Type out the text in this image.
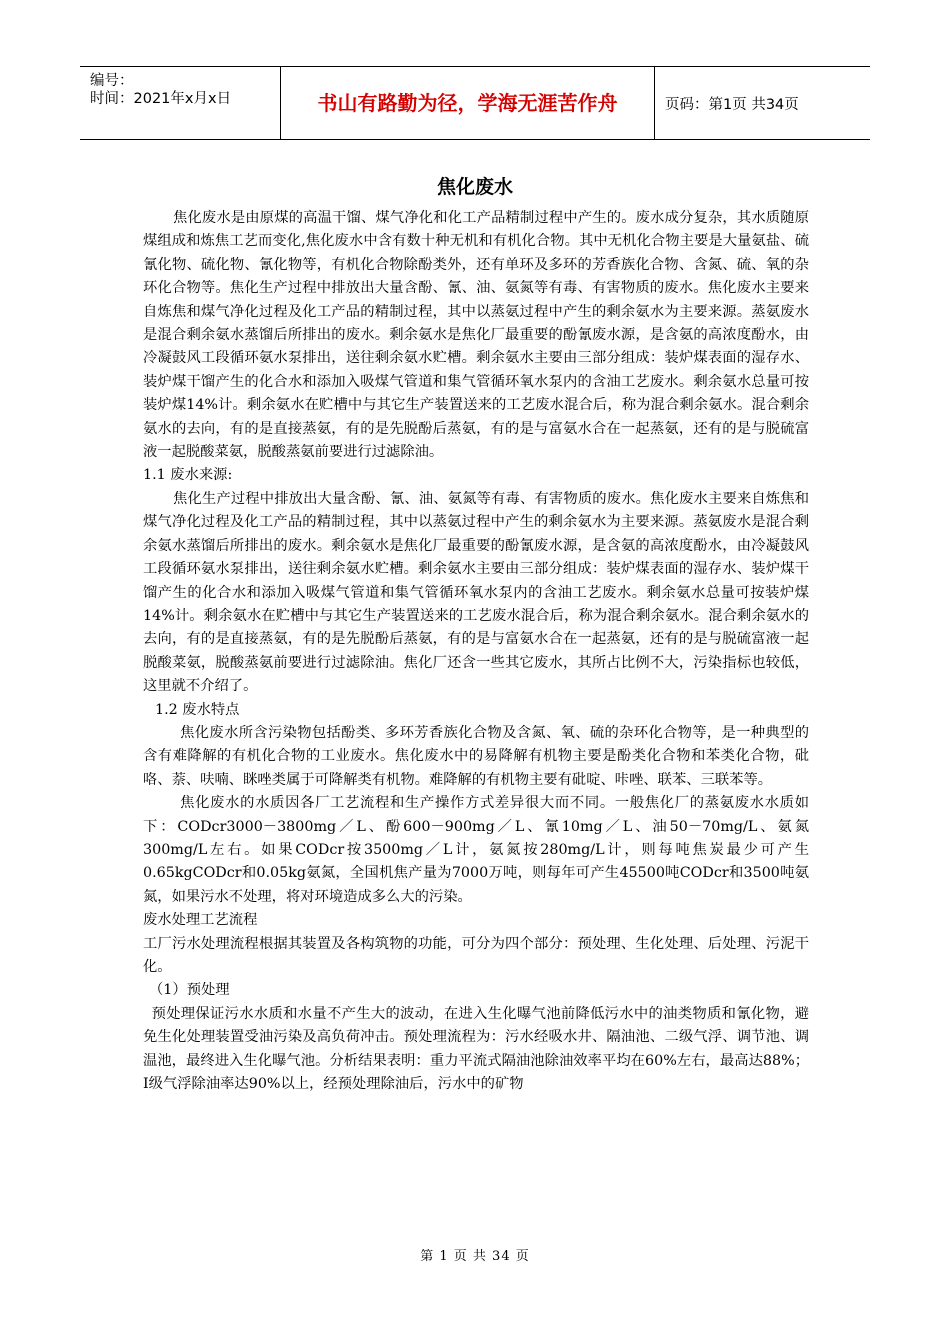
编号：
时间：2021年x月x日	书山有路勤为径，学海无涯苦作舟	页码：第1页 共34页
焦化废水

焦化废水是由原煤的高温干馏、煤气净化和化工产品精制过程中产生的。废水成分复杂，其水质随原煤组成和炼焦工艺而变化,焦化废水中含有数十种无机和有机化合物。其中无机化合物主要是大量氨盐、硫氰化物、硫化物、氰化物等，有机化合物除酚类外，还有单环及多环的芳香族化合物、含氮、硫、氧的杂环化合物等。焦化生产过程中排放出大量含酚、氰、油、氨氮等有毒、有害物质的废水。焦化废水主要来自炼焦和煤气净化过程及化工产品的精制过程，其中以蒸氨过程中产生的剩余氨水为主要来源。蒸氨废水是混合剩余氨水蒸馏后所排出的废水。剩余氨水是焦化厂最重要的酚氰废水源，是含氨的高浓度酚水，由冷凝鼓风工段循环氨水泵排出，送往剩余氨水贮槽。剩余氨水主要由三部分组成：装炉煤表面的湿存水、装炉煤干馏产生的化合水和添加入吸煤气管道和集气管循环氧水泵内的含油工艺废水。剩余氨水总量可按装炉煤14%计。剩余氨水在贮槽中与其它生产装置送来的工艺废水混合后，称为混合剩余氨水。混合剩余氨水的去向，有的是直接蒸氨，有的是先脱酚后蒸氨，有的是与富氨水合在一起蒸氨，还有的是与脱硫富液一起脱酸菜氨，脱酸蒸氨前要进行过滤除油。

1.1 废水来源:

焦化生产过程中排放出大量含酚、氰、油、氨氮等有毒、有害物质的废水。焦化废水主要来自炼焦和煤气净化过程及化工产品的精制过程，其中以蒸氨过程中产生的剩余氨水为主要来源。蒸氨废水是混合剩余氨水蒸馏后所排出的废水。剩余氨水是焦化厂最重要的酚氰废水源，是含氨的高浓度酚水，由冷凝鼓风工段循环氨水泵排出，送往剩余氨水贮槽。剩余氨水主要由三部分组成：装炉煤表面的湿存水、装炉煤干馏产生的化合水和添加入吸煤气管道和集气管循环氧水泵内的含油工艺废水。剩余氨水总量可按装炉煤14%计。剩余氨水在贮槽中与其它生产装置送来的工艺废水混合后，称为混合剩余氨水。混合剩余氨水的去向，有的是直接蒸氨，有的是先脱酚后蒸氨，有的是与富氨水合在一起蒸氨，还有的是与脱硫富液一起脱酸菜氨，脱酸蒸氨前要进行过滤除油。焦化厂还含一些其它废水，其所占比例不大，污染指标也较低，这里就不介绍了。

1.2 废水特点

焦化废水所含污染物包括酚类、多环芳香族化合物及含氮、氧、硫的杂环化合物等，是一种典型的含有难降解的有机化合物的工业废水。焦化废水中的易降解有机物主要是酚类化合物和苯类化合物，砒咯、萘、呋喃、眯唑类属于可降解类有机物。难降解的有机物主要有砒啶、咔唑、联苯、三联苯等。

焦化废水的水质因各厂工艺流程和生产操作方式差异很大而不同。一般焦化厂的蒸氨废水水质如下：CODcr3000－3800mg／L、酚600－900mg／L、氰10mg／L、油50－70mg/L、氨氮300mg/L左右。如果CODcr按3500mg／L计，氨氮按280mg/L计，则每吨焦炭最少可产生0.65kgCODcr和0.05kg氨氮，全国机焦产量为7000万吨，则每年可产生45500吨CODcr和3500吨氨氮，如果污水不处理，将对环境造成多么大的污染。

废水处理工艺流程

工厂污水处理流程根据其装置及各构筑物的功能，可分为四个部分：预处理、生化处理、后处理、污泥干化。

（1）预处理

预处理保证污水水质和水量不产生大的波动，在进入生化曝气池前降低污水中的油类物质和氰化物，避免生化处理装置受油污染及高负荷冲击。预处理流程为：污水经吸水井、隔油池、二级气浮、调节池、调温池，最终进入生化曝气池。分析结果表明：重力平流式隔油池除油效率平均在60%左右，最高达88%；Ⅰ级气浮除油率达90%以上，经预处理除油后，污水中的矿物

第 1 页 共 34 页
